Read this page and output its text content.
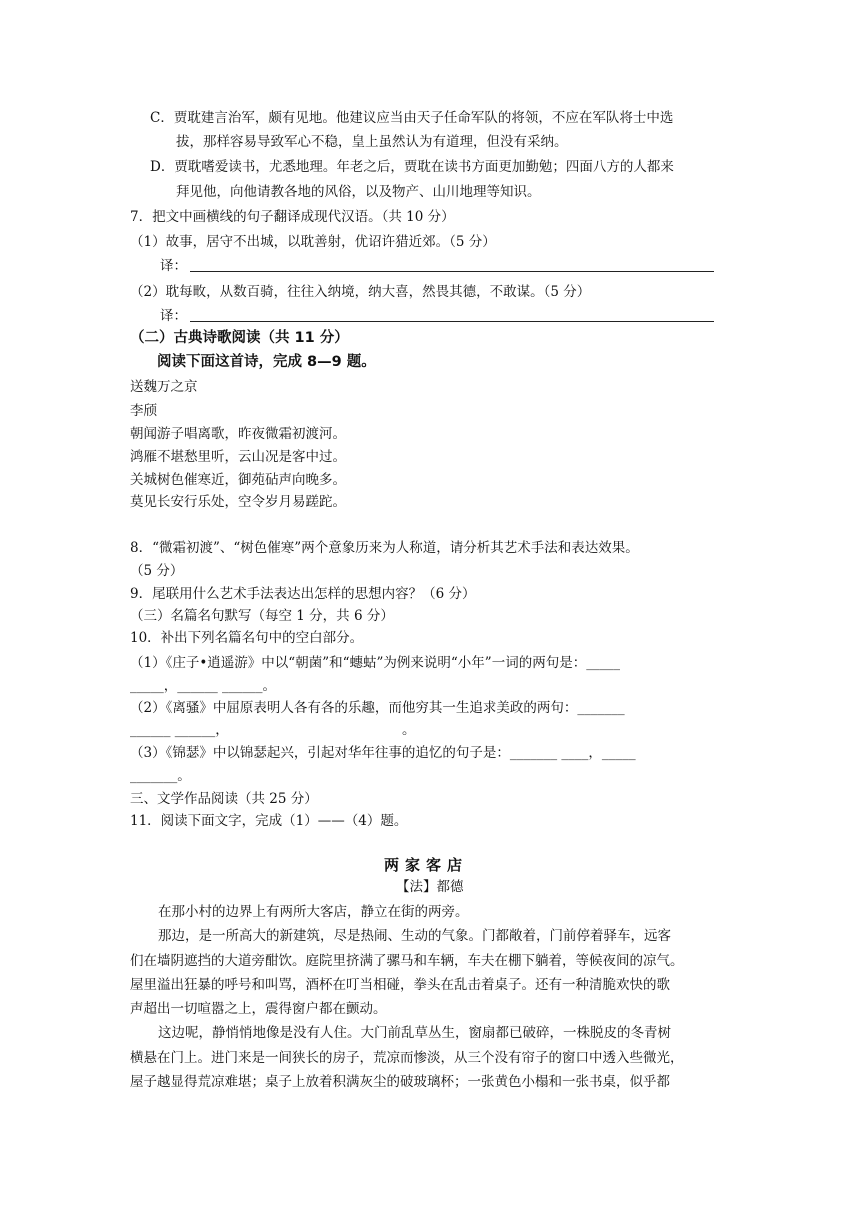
C．贾耽建言治军，颇有见地。他建议应当由天子任命军队的将领，不应在军队将士中选
拔，那样容易导致军心不稳，皇上虽然认为有道理，但没有采纳。
D．贾耽嗜爱读书，尤悉地理。年老之后，贾耽在读书方面更加勤勉；四面八方的人都来
拜见他，向他请教各地的风俗，以及物产、山川地理等知识。
7．把文中画横线的句子翻译成现代汉语。（共 10 分）
（1）故事，居守不出城，以耽善射，优诏许猎近郊。（5 分）
译：
（2）耽每畋，从数百骑，往往入纳境，纳大喜，然畏其德，不敢谋。（5 分）
译：
（二）古典诗歌阅读（共 11 分）
阅读下面这首诗，完成 8—9 题。
送魏万之京
李颀
朝闻游子唱离歌，昨夜微霜初渡河。
鸿雁不堪愁里听，云山况是客中过。
关城树色催寒近，御苑砧声向晚多。
莫见长安行乐处，空令岁月易蹉跎。
8．“微霜初渡”、“树色催寒”两个意象历来为人称道，请分析其艺术手法和表达效果。
（5 分）
9．尾联用什么艺术手法表达出怎样的思想内容？（6 分）
（三）名篇名句默写（每空 1 分，共 6 分）
10．补出下列名篇名句中的空白部分。
（1）《庄子•逍遥游》中以“朝菌”和“蟪蛄”为例来说明“小年”一词的两句是：_____
_____，______ ______。
（2）《离骚》中屈原表明人各有各的乐趣，而他穷其一生追求美政的两句：_______
______ ______，	。
（3）《锦瑟》中以锦瑟起兴，引起对华年往事的追忆的句子是：_______ ____，_____
_______。
三、文学作品阅读（共 25 分）
11．阅读下面文字，完成（1）——（4）题。
两家客店
【法】都德
在那小村的边界上有两所大客店，静立在街的两旁。
那边，是一所高大的新建筑，尽是热闹、生动的气象。门都敞着，门前停着驿车，远客
们在墙阴遮挡的大道旁酣饮。庭院里挤满了骡马和车辆，车夫在棚下躺着，等候夜间的凉气。
屋里溢出狂暴的呼号和叫骂，酒杯在叮当相碰，拳头在乱击着桌子。还有一种清脆欢快的歌
声超出一切喧嚣之上，震得窗户都在颤动。
这边呢，静悄悄地像是没有人住。大门前乱草丛生，窗扇都已破碎，一株脱皮的冬青树
横悬在门上。进门来是一间狭长的房子，荒凉而惨淡，从三个没有帘子的窗口中透入些微光，
屋子越显得荒凉难堪；桌子上放着积满灰尘的破玻璃杯；一张黄色小榻和一张书桌，似乎都
